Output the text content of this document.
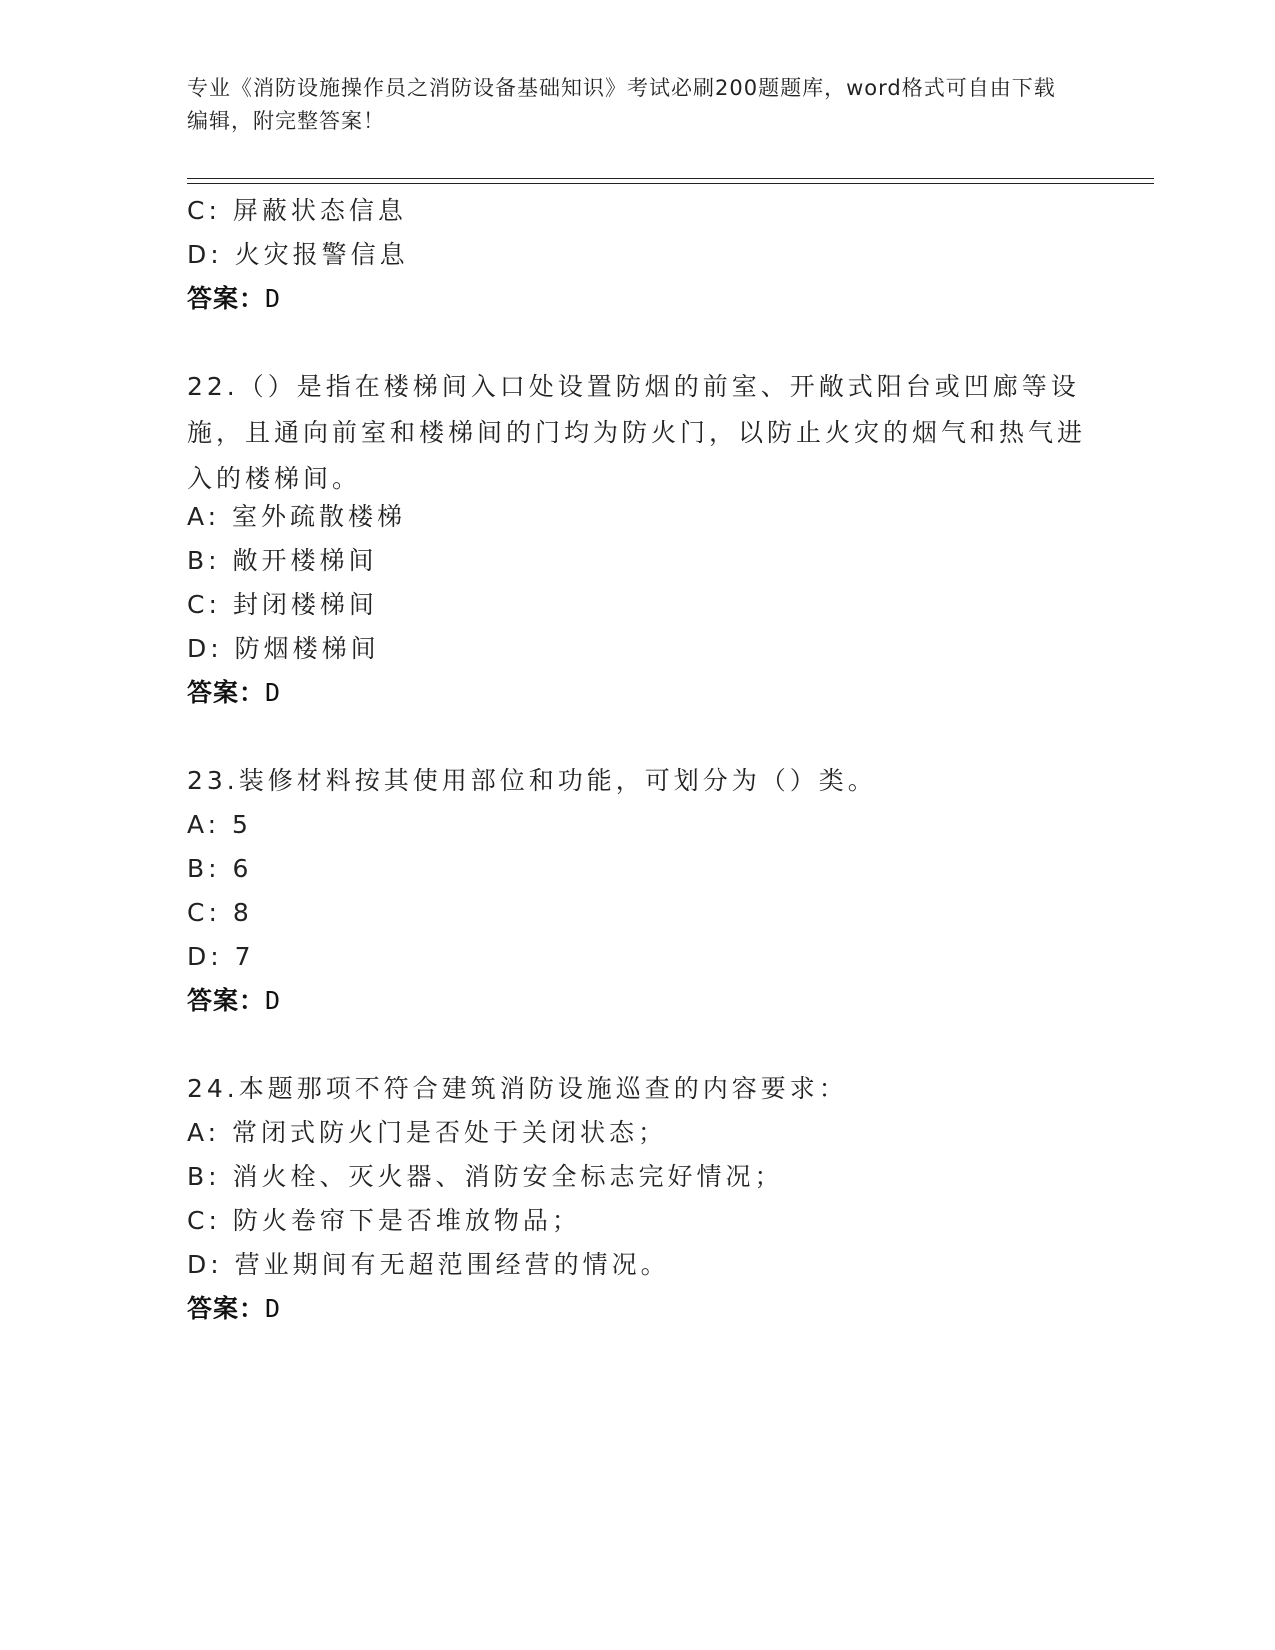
专业《消防设施操作员之消防设备基础知识》考试必刷200题题库，word格式可自由下载编辑，附完整答案！
C: 屏蔽状态信息
D: 火灾报警信息
答案：D
22.（）是指在楼梯间入口处设置防烟的前室、开敞式阳台或凹廊等设施，且通向前室和楼梯间的门均为防火门，以防止火灾的烟气和热气进入的楼梯间。
A: 室外疏散楼梯
B: 敞开楼梯间
C: 封闭楼梯间
D: 防烟楼梯间
答案：D
23.装修材料按其使用部位和功能，可划分为（）类。
A: 5
B: 6
C: 8
D: 7
答案：D
24.本题那项不符合建筑消防设施巡查的内容要求：
A: 常闭式防火门是否处于关闭状态；
B: 消火栓、灭火器、消防安全标志完好情况；
C: 防火卷帘下是否堆放物品；
D: 营业期间有无超范围经营的情况。
答案：D
